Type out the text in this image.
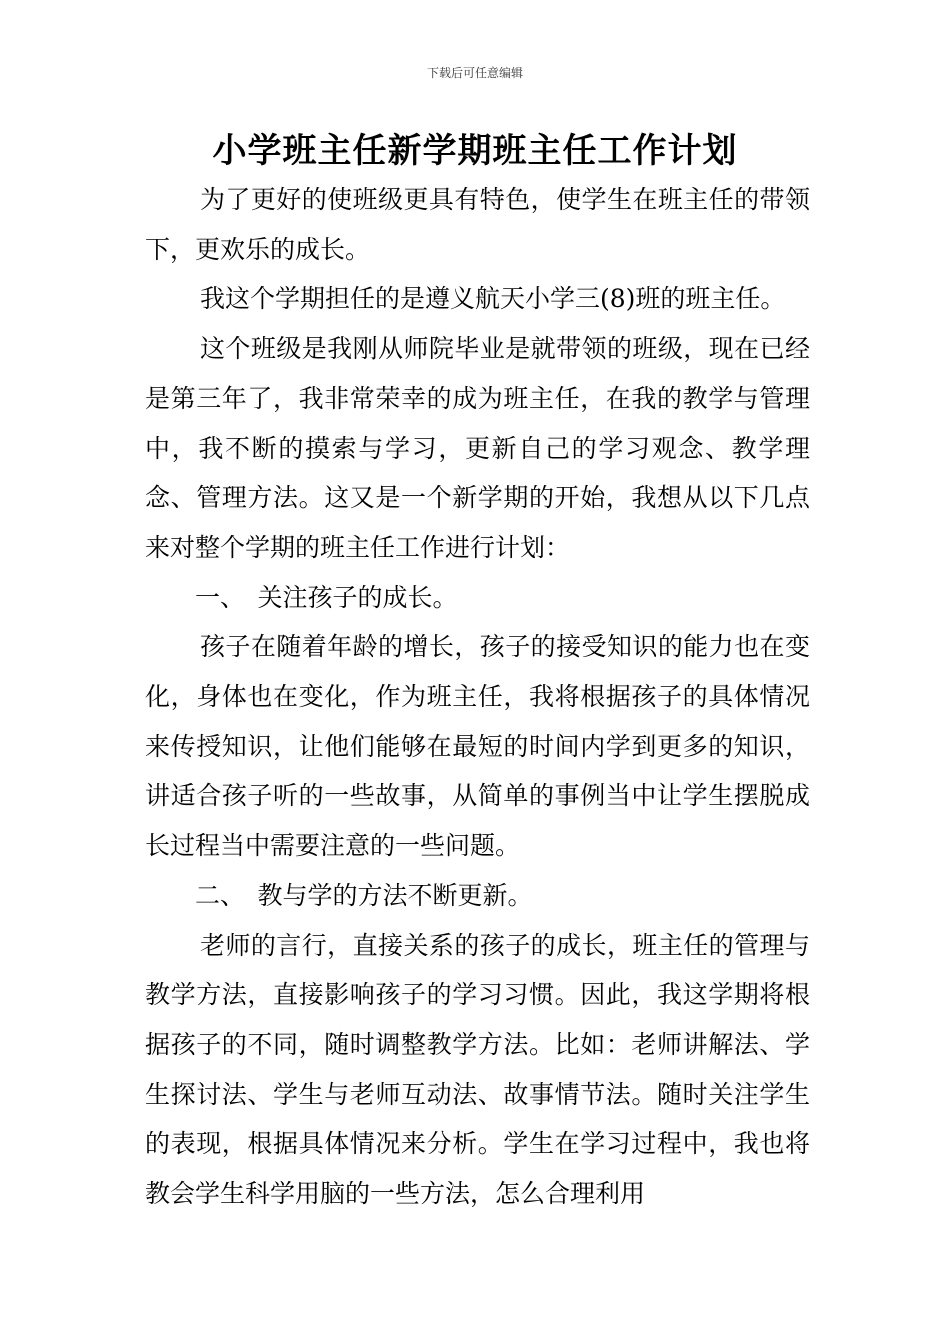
下载后可任意编辑
小学班主任新学期班主任工作计划

为了更好的使班级更具有特色，使学生在班主任的带领下，更欢乐的成长。

我这个学期担任的是遵义航天小学三(8)班的班主任。

这个班级是我刚从师院毕业是就带领的班级，现在已经是第三年了，我非常荣幸的成为班主任，在我的教学与管理中，我不断的摸索与学习，更新自己的学习观念、教学理念、管理方法。这又是一个新学期的开始，我想从以下几点来对整个学期的班主任工作进行计划：

一、 关注孩子的成长。

孩子在随着年龄的增长，孩子的接受知识的能力也在变化，身体也在变化，作为班主任，我将根据孩子的具体情况来传授知识，让他们能够在最短的时间内学到更多的知识，讲适合孩子听的一些故事，从简单的事例当中让学生摆脱成长过程当中需要注意的一些问题。

二、 教与学的方法不断更新。

老师的言行，直接关系的孩子的成长，班主任的管理与教学方法，直接影响孩子的学习习惯。因此，我这学期将根据孩子的不同，随时调整教学方法。比如：老师讲解法、学生探讨法、学生与老师互动法、故事情节法。随时关注学生的表现，根据具体情况来分析。学生在学习过程中，我也将教会学生科学用脑的一些方法，怎么合理利用
